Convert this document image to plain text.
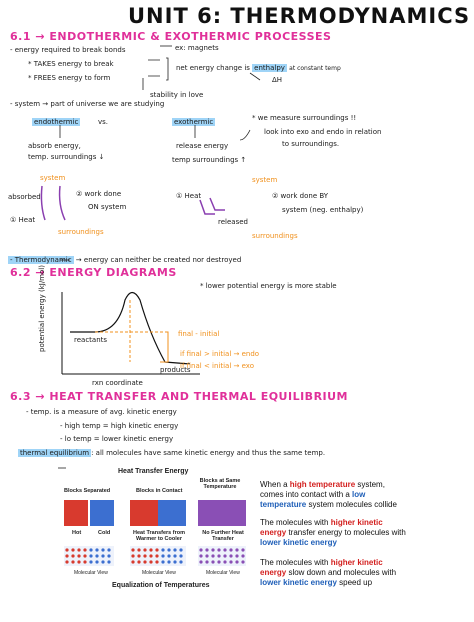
UNIT 6: THERMODYNAMICS
6.1 → ENDOTHERMIC & EXOTHERMIC PROCESSES
- energy required to break bonds	ex: magnets
* TAKES energy to break
* FREES energy to form
net energy change is enthalpy at constant temp
ΔH
stability in love
- system → part of universe we are studying
endothermic	vs.	exothermic	* we measure surroundings !!
look into exo and endo in relation
to surroundings.
absorb energy,
temp. surroundings ↓
release energy
temp surroundings ↑
system	system
absorbed
① Heat
② work done
ON system
① Heat
released
② work done BY
system (neg. enthalpy)
surroundings	surroundings
- Thermodynamic → energy can neither be created nor destroyed
6.2 → ENERGY DIAGRAMS
* lower potential energy is more stable
potential energy (kJ/mol)
rxn coordinate
reactants
products
final - initial
if final > initial → endo
if final < initial → exo
6.3 → HEAT TRANSFER AND THERMAL EQUILIBRIUM
- temp. is a measure of avg. kinetic energy
- high temp = high kinetic energy
- lo temp = lower kinetic energy
thermal equilibrium : all molecules have same kinetic energy and thus the same temp.
Heat Transfer Energy
Blocks Separated	Blocks in Contact
Blocks at Same Temperature
Hot	Cold	Heat Transfers from Warmer to Cooler
No Further Heat Transfer
Molecular View	Molecular View	Molecular View
Equalization of Temperatures
When a high temperature system, comes into contact with a low temperature system molecules collide
The molecules with higher kinetic energy transfer energy to molecules with lower kinetic energy
The molecules with higher kinetic energy slow down and molecules with lower kinetic energy speed up
